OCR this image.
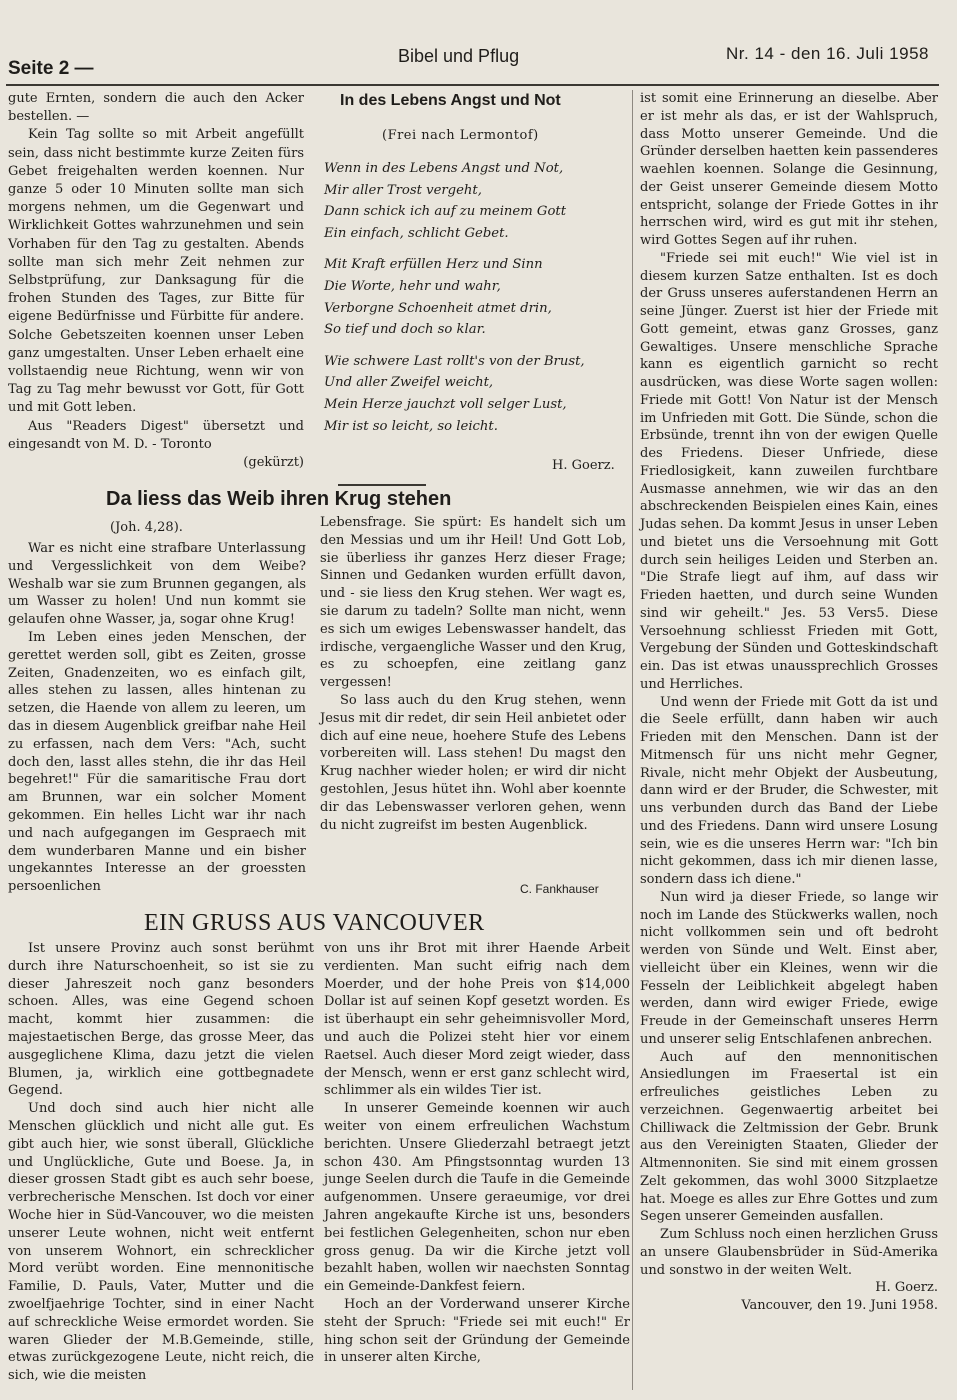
Seite 2 —
Bibel und Pflug	Nr. 14 - den 16. Juli 1958

gute Ernten, sondern die auch den Acker bestellen. —

Kein Tag sollte so mit Arbeit angefüllt sein, dass nicht bestimmte kurze Zeiten fürs Gebet freigehalten werden koennen. Nur ganze 5 oder 10 Minuten sollte man sich morgens nehmen, um die Gegenwart und Wirklichkeit Gottes wahrzunehmen und sein Vorhaben für den Tag zu gestalten. Abends sollte man sich mehr Zeit nehmen zur Selbstprüfung, zur Danksagung für die frohen Stunden des Tages, zur Bitte für eigene Bedürfnisse und Fürbitte für andere. Solche Gebetszeiten koennen unser Leben ganz umgestalten. Unser Leben erhaelt eine vollstaendig neue Richtung, wenn wir von Tag zu Tag mehr bewusst vor Gott, für Gott und mit Gott leben.

Aus "Readers Digest" übersetzt und eingesandt von M. D. - Toronto

(gekürzt)

In des Lebens Angst und Not
(Frei nach Lermontof)
Wenn in des Lebens Angst und Not,
Mir aller Trost vergeht,
Dann schick ich auf zu meinem Gott
Ein einfach, schlicht Gebet.
Mit Kraft erfüllen Herz und Sinn
Die Worte, hehr und wahr,
Verborgne Schoenheit atmet drin,
So tief und doch so klar.
Wie schwere Last rollt's von der Brust,
Und aller Zweifel weicht,
Mein Herze jauchzt voll selger Lust,
Mir ist so leicht, so leicht.
H. Goerz.
Da liess das Weib ihren Krug stehen
(Joh. 4,28).

War es nicht eine strafbare Unterlassung und Vergesslichkeit von dem Weibe? Weshalb war sie zum Brunnen gegangen, als um Wasser zu holen! Und nun kommt sie gelaufen ohne Wasser, ja, sogar ohne Krug!

Im Leben eines jeden Menschen, der gerettet werden soll, gibt es Zeiten, grosse Zeiten, Gnadenzeiten, wo es einfach gilt, alles stehen zu lassen, alles hintenan zu setzen, die Haende von allem zu leeren, um das in diesem Augenblick greifbar nahe Heil zu erfassen, nach dem Vers: "Ach, sucht doch den, lasst alles stehn, die ihr das Heil begehret!" Für die samaritische Frau dort am Brunnen, war ein solcher Moment gekommen. Ein helles Licht war ihr nach und nach aufgegangen im Gespraech mit dem wunderbaren Manne und ein bisher ungekanntes Interesse an der groessten persoenlichen

Lebensfrage. Sie spürt: Es handelt sich um den Messias und um ihr Heil! Und Gott Lob, sie überliess ihr ganzes Herz dieser Frage; Sinnen und Gedanken wurden erfüllt davon, und - sie liess den Krug stehen. Wer wagt es, sie darum zu tadeln? Sollte man nicht, wenn es sich um ewiges Lebenswasser handelt, das irdische, vergaengliche Wasser und den Krug, es zu schoepfen, eine zeitlang ganz vergessen!

So lass auch du den Krug stehen, wenn Jesus mit dir redet, dir sein Heil anbietet oder dich auf eine neue, hoehere Stufe des Lebens vorbereiten will. Lass stehen! Du magst den Krug nachher wieder holen; er wird dir nicht gestohlen, Jesus hütet ihn. Wohl aber koennte dir das Lebenswasser verloren gehen, wenn du nicht zugreifst im besten Augenblick.

C. Fankhauser
EIN GRUSS AUS VANCOUVER

Ist unsere Provinz auch sonst berühmt durch ihre Naturschoenheit, so ist sie zu dieser Jahreszeit noch ganz besonders schoen. Alles, was eine Gegend schoen macht, kommt hier zusammen: die majestaetischen Berge, das grosse Meer, das ausgeglichene Klima, dazu jetzt die vielen Blumen, ja, wirklich eine gottbegnadete Gegend.

Und doch sind auch hier nicht alle Menschen glücklich und nicht alle gut. Es gibt auch hier, wie sonst überall, Glückliche und Unglückliche, Gute und Boese. Ja, in dieser grossen Stadt gibt es auch sehr boese, verbrecherische Menschen. Ist doch vor einer Woche hier in Süd-Vancouver, wo die meisten unserer Leute wohnen, nicht weit entfernt von unserem Wohnort, ein schrecklicher Mord verübt worden. Eine mennonitische Familie, D. Pauls, Vater, Mutter und die zwoelfjaehrige Tochter, sind in einer Nacht auf schreckliche Weise ermordet worden. Sie waren Glieder der M.B.Gemeinde, stille, etwas zurückgezogene Leute, nicht reich, die sich, wie die meisten

von uns ihr Brot mit ihrer Haende Arbeit verdienten. Man sucht eifrig nach dem Moerder, und der hohe Preis von $14,000 Dollar ist auf seinen Kopf gesetzt worden. Es ist überhaupt ein sehr geheimnisvoller Mord, und auch die Polizei steht hier vor einem Raetsel. Auch dieser Mord zeigt wieder, dass der Mensch, wenn er erst ganz schlecht wird, schlimmer als ein wildes Tier ist.

In unserer Gemeinde koennen wir auch weiter von einem erfreulichen Wachstum berichten. Unsere Gliederzahl betraegt jetzt schon 430. Am Pfingstsonntag wurden 13 junge Seelen durch die Taufe in die Gemeinde aufgenommen. Unsere geraeumige, vor drei Jahren angekaufte Kirche ist uns, besonders bei festlichen Gelegenheiten, schon nur eben gross genug. Da wir die Kirche jetzt voll bezahlt haben, wollen wir naechsten Sonntag ein Gemeinde-Dankfest feiern.

Hoch an der Vorderwand unserer Kirche steht der Spruch: "Friede sei mit euch!" Er hing schon seit der Gründung der Gemeinde in unserer alten Kirche,

ist somit eine Erinnerung an dieselbe. Aber er ist mehr als das, er ist der Wahlspruch, dass Motto unserer Gemeinde. Und die Gründer derselben haetten kein passenderes waehlen koennen. Solange die Gesinnung, der Geist unserer Gemeinde diesem Motto entspricht, solange der Friede Gottes in ihr herrschen wird, wird es gut mit ihr stehen, wird Gottes Segen auf ihr ruhen.

"Friede sei mit euch!" Wie viel ist in diesem kurzen Satze enthalten. Ist es doch der Gruss unseres auferstandenen Herrn an seine Jünger. Zuerst ist hier der Friede mit Gott gemeint, etwas ganz Grosses, ganz Gewaltiges. Unsere menschliche Sprache kann es eigentlich garnicht so recht ausdrücken, was diese Worte sagen wollen: Friede mit Gott! Von Natur ist der Mensch im Unfrieden mit Gott. Die Sünde, schon die Erbsünde, trennt ihn von der ewigen Quelle des Friedens. Dieser Unfriede, diese Friedlosigkeit, kann zuweilen furchtbare Ausmasse annehmen, wie wir das an den abschreckenden Beispielen eines Kain, eines Judas sehen. Da kommt Jesus in unser Leben und bietet uns die Versoehnung mit Gott durch sein heiliges Leiden und Sterben an. "Die Strafe liegt auf ihm, auf dass wir Frieden haetten, und durch seine Wunden sind wir geheilt." Jes. 53 Vers5. Diese Versoehnung schliesst Frieden mit Gott, Vergebung der Sünden und Gotteskindschaft ein. Das ist etwas unaussprechlich Grosses und Herrliches.

Und wenn der Friede mit Gott da ist und die Seele erfüllt, dann haben wir auch Frieden mit den Menschen. Dann ist der Mitmensch für uns nicht mehr Gegner, Rivale, nicht mehr Objekt der Ausbeutung, dann wird er der Bruder, die Schwester, mit uns verbunden durch das Band der Liebe und des Friedens. Dann wird unsere Losung sein, wie es die unseres Herrn war: "Ich bin nicht gekommen, dass ich mir dienen lasse, sondern dass ich diene."

Nun wird ja dieser Friede, so lange wir noch im Lande des Stückwerks wallen, noch nicht vollkommen sein und oft bedroht werden von Sünde und Welt. Einst aber, vielleicht über ein Kleines, wenn wir die Fesseln der Leiblichkeit abgelegt haben werden, dann wird ewiger Friede, ewige Freude in der Gemeinschaft unseres Herrn und unserer selig Entschlafenen anbrechen.

Auch auf den mennonitischen Ansiedlungen im Fraesertal ist ein erfreuliches geistliches Leben zu verzeichnen. Gegenwaertig arbeitet bei Chilliwack die Zeltmission der Gebr. Brunk aus den Vereinigten Staaten, Glieder der Altmennoniten. Sie sind mit einem grossen Zelt gekommen, das wohl 3000 Sitzplaetze hat. Moege es alles zur Ehre Gottes und zum Segen unserer Gemeinden ausfallen.

Zum Schluss noch einen herzlichen Gruss an unsere Glaubensbrüder in Süd-Amerika und sonstwo in der weiten Welt.

H. Goerz.

Vancouver, den 19. Juni 1958.
